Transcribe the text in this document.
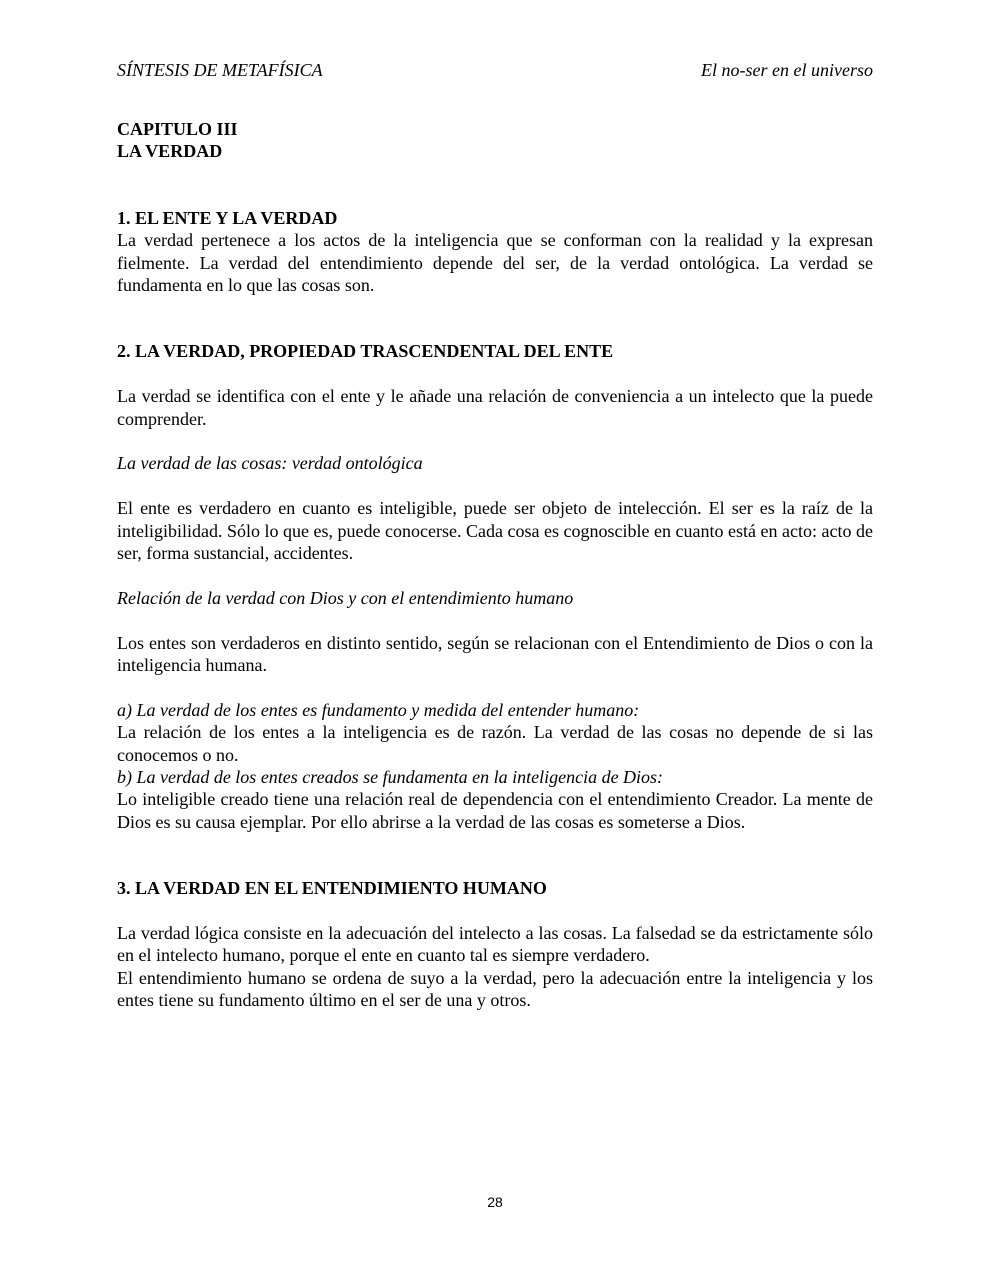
SÍNTESIS DE METAFÍSICA	El no-ser en el universo
CAPITULO III
LA VERDAD
1. EL ENTE Y LA VERDAD

La verdad pertenece a los actos de la inteligencia que se conforman con la realidad y la expresan fielmente. La verdad del entendimiento depende del ser, de la verdad ontológica. La verdad se fundamenta en lo que las cosas son.

2. LA VERDAD, PROPIEDAD TRASCENDENTAL DEL ENTE

La verdad se identifica con el ente y le añade una relación de conveniencia a un intelecto que la puede comprender.

La verdad de las cosas: verdad ontológica

El ente es verdadero en cuanto es inteligible, puede ser objeto de intelección. El ser es la raíz de la inteligibilidad. Sólo lo que es, puede conocerse. Cada cosa es cognoscible en cuanto está en acto: acto de ser, forma sustancial, accidentes.

Relación de la verdad con Dios y con el entendimiento humano

Los entes son verdaderos en distinto sentido, según se relacionan con el Entendimiento de Dios o con la inteligencia humana.

a) La verdad de los entes es fundamento y medida del entender humano:

La relación de los entes a la inteligencia es de razón. La verdad de las cosas no depende de si las conocemos o no.

b) La verdad de los entes creados se fundamenta en la inteligencia de Dios:

Lo inteligible creado tiene una relación real de dependencia con el entendimiento Creador. La mente de Dios es su causa ejemplar. Por ello abrirse a la verdad de las cosas es someterse a Dios.

3. LA VERDAD EN EL ENTENDIMIENTO HUMANO

La verdad lógica consiste en la adecuación del intelecto a las cosas. La falsedad se da estrictamente sólo en el intelecto humano, porque el ente en cuanto tal es siempre verdadero.

El entendimiento humano se ordena de suyo a la verdad, pero la adecuación entre la inteligencia y los entes tiene su fundamento último en el ser de una y otros.

28
